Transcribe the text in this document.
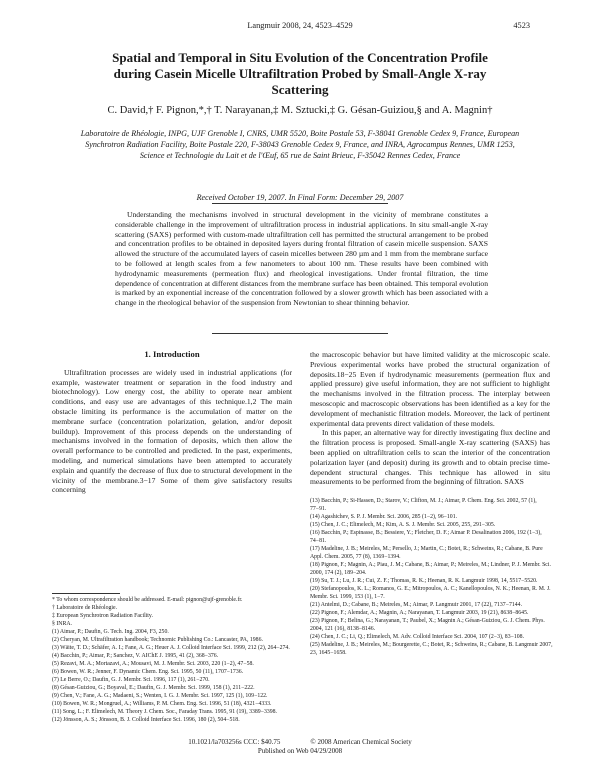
Langmuir 2008, 24, 4523–4529	4523
Spatial and Temporal in Situ Evolution of the Concentration Profile during Casein Micelle Ultrafiltration Probed by Small-Angle X-ray Scattering
C. David,† F. Pignon,*,† T. Narayanan,‡ M. Sztucki,‡ G. Gésan-Guiziou,§ and A. Magnin†
Laboratoire de Rhéologie, INPG, UJF Grenoble I, CNRS, UMR 5520, Boite Postale 53, F-38041 Grenoble Cedex 9, France, European Synchrotron Radiation Facility, Boite Postale 220, F-38043 Grenoble Cedex 9, France, and INRA, Agrocampus Rennes, UMR 1253, Science et Technologie du Lait et de l'Œuf, 65 rue de Saint Brieuc, F-35042 Rennes Cedex, France
Received October 19, 2007. In Final Form: December 29, 2007
Understanding the mechanisms involved in structural development in the vicinity of membrane constitutes a considerable challenge in the improvement of ultrafiltration process in industrial applications. In situ small-angle X-ray scattering (SAXS) performed with custom-made ultrafiltration cell has permitted the structural arrangement to be probed and concentration profiles to be obtained in deposited layers during frontal filtration of casein micelle suspension. SAXS allowed the structure of the accumulated layers of casein micelles between 280 µm and 1 mm from the membrane surface to be followed at length scales from a few nanometers to about 100 nm. These results have been combined with hydrodynamic measurements (permeation flux) and rheological investigations. Under frontal filtration, the time dependence of concentration at different distances from the membrane surface has been obtained. This temporal evolution is marked by an exponential increase of the concentration followed by a slower growth which has been associated with a change in the rheological behavior of the suspension from Newtonian to shear thinning behavior.
1. Introduction

Ultrafiltration processes are widely used in industrial applications (for example, wastewater treatment or separation in the food industry and biotechnology). Low energy cost, the ability to operate near ambient conditions, and easy use are advantages of this technique.1,2 The main obstacle limiting its performance is the accumulation of matter on the membrane surface (concentration polarization, gelation, and/or deposit buildup). Improvement of this process depends on the understanding of mechanisms involved in the formation of deposits, which then allow the overall performance to be controlled and predicted. In the past, experiments, modeling, and numerical simulations have been attempted to accurately explain and quantify the decrease of flux due to structural development in the vicinity of the membrane.3−17 Some of them give satisfactory results concerning

the macroscopic behavior but have limited validity at the microscopic scale. Previous experimental works have probed the structural organization of deposits.18−25 Even if hydrodynamic measurements (permeation flux and applied pressure) give useful information, they are not sufficient to highlight the mechanisms involved in the filtration process. The interplay between mesoscopic and macroscopic observations has been identified as a key for the development of mechanistic filtration models. Moreover, the lack of pertinent experimental data prevents direct validation of these models.

In this paper, an alternative way for directly investigating flux decline and the filtration process is proposed. Small-angle X-ray scattering (SAXS) has been applied on ultrafiltration cells to scan the interior of the concentration polarization layer (and deposit) during its growth and to obtain precise time-dependent structural changes. This technique has allowed in situ measurements to be performed from the beginning of filtration. SAXS

* To whom correspondence should be addressed. E-mail: pignon@ujf-grenoble.fr.
† Laboratoire de Rhéologie.
‡ European Synchrotron Radiation Facility.
§ INRA.
(1) Aimar, P.; Daufin, G. Tech. Ing. 2004, F3, 250.
(2) Cheryan, M. Ultrafiltration handbook; Technomic Publishing Co.: Lancaster, PA, 1986.
(3) Wäite, T. D.; Schäfer, A. I.; Fane, A. G.; Heuer A. J. Colloid Interface Sci. 1999, 212 (2), 264−274.
(4) Bacchin, P.; Aimar, P.; Sanchez, V. AIChE J. 1995, 41 (2), 368−376.
(5) Rezavi, M. A.; Mortazavi, A.; Mousavi, M. J. Membr. Sci. 2003, 220 (1−2), 47−58.
(6) Bowen, W. R.; Jenner, F. Dynamic Chem. Eng. Sci. 1995, 50 (11), 1707−1736.
(7) Le Berre, O.; Daufin, G. J. Membr. Sci. 1996, 117 (1), 261−270.
(8) Gésan-Guiziou, G.; Boyaval, E.; Daufin, G. J. Membr. Sci. 1999, 158 (1), 211−222.
(9) Chen, V.; Fane, A. G.; Madaeni, S.; Wenten, I. G. J. Membr. Sci. 1997, 125 (1), 109−122.
(10) Bowen, W. R.; Mongruel, A.; Williams, P. M. Chem. Eng. Sci. 1996, 51 (18), 4321−4333.
(11) Song, L.; F. Elimelech, M. Theory J. Chem. Soc., Faraday Trans. 1995, 91 (19), 3389−3398.
(12) Jönsson, A. S.; Jönsson, B. J. Colloid Interface Sci. 1996, 180 (2), 504−518.
(13) Bacchin, P.; Si-Hassen, D.; Starov, V.; Clifton, M. J.; Aimar, P. Chem. Eng. Sci. 2002, 57 (1), 77−91.
(14) Agashichev, S. P. J. Membr. Sci. 2006, 285 (1−2), 96−101.
(15) Chen, J. C.; Elimelech, M.; Kim, A. S. J. Membr. Sci. 2005, 255, 291−305.
(16) Bacchin, P.; Espinasse, B.; Bessiere, Y.; Fletcher, D. F.; Aimar P. Desalination 2006, 192 (1−3), 74−81.
(17) Madeline, J. B.; Meireles, M.; Persello, J.; Martin, C.; Botet, R.; Schweins, R.; Cabane, B. Pure Appl. Chem. 2005, 77 (8), 1369−1394.
(18) Pignon, F.; Magnin, A.; Piau, J. M.; Cabane, B.; Aimar, P.; Meireles, M.; Lindner, P. J. Membr. Sci. 2000, 174 (2), 189−204.
(19) Su, T. J.; Lu, J. R.; Cui, Z. F.; Thomas, R. K.; Heenan, R. K. Langmuir 1998, 14, 5517−5520.
(20) Stefanopoulos, K. L.; Romanos, G. E.; Mitropoulos, A. C.; Kanellopoulos, N. K.; Heenan, R. M. J. Membr. Sci. 1999, 153 (1), 1−7.
(21) Antelmi, D.; Cabane, B.; Meireles, M.; Aimar, P. Langmuir 2001, 17 (22), 7137−7144.
(22) Pignon, F.; Alemdar, A.; Magnin, A.; Narayanan, T. Langmuir 2003, 19 (21), 8638−8645.
(23) Pignon, F.; Belina, G.; Narayanan, T.; Paubel, X.; Magnin A.; Gésan-Guiziou, G. J. Chem. Phys. 2004, 121 (16), 8138−8146.
(24) Chen, J. C.; Li, Q.; Elimelech, M. Adv. Colloid Interface Sci. 2004, 107 (2−3), 83−108.
(25) Madeline, J. B.; Meireles, M.; Bourgerette, C.; Botet, R.; Schweins, R.; Cabane, B. Langmuir 2007, 23, 1645−1658.
10.1021/la703256s CCC: $40.75	© 2008 American Chemical Society
Published on Web 04/29/2008
